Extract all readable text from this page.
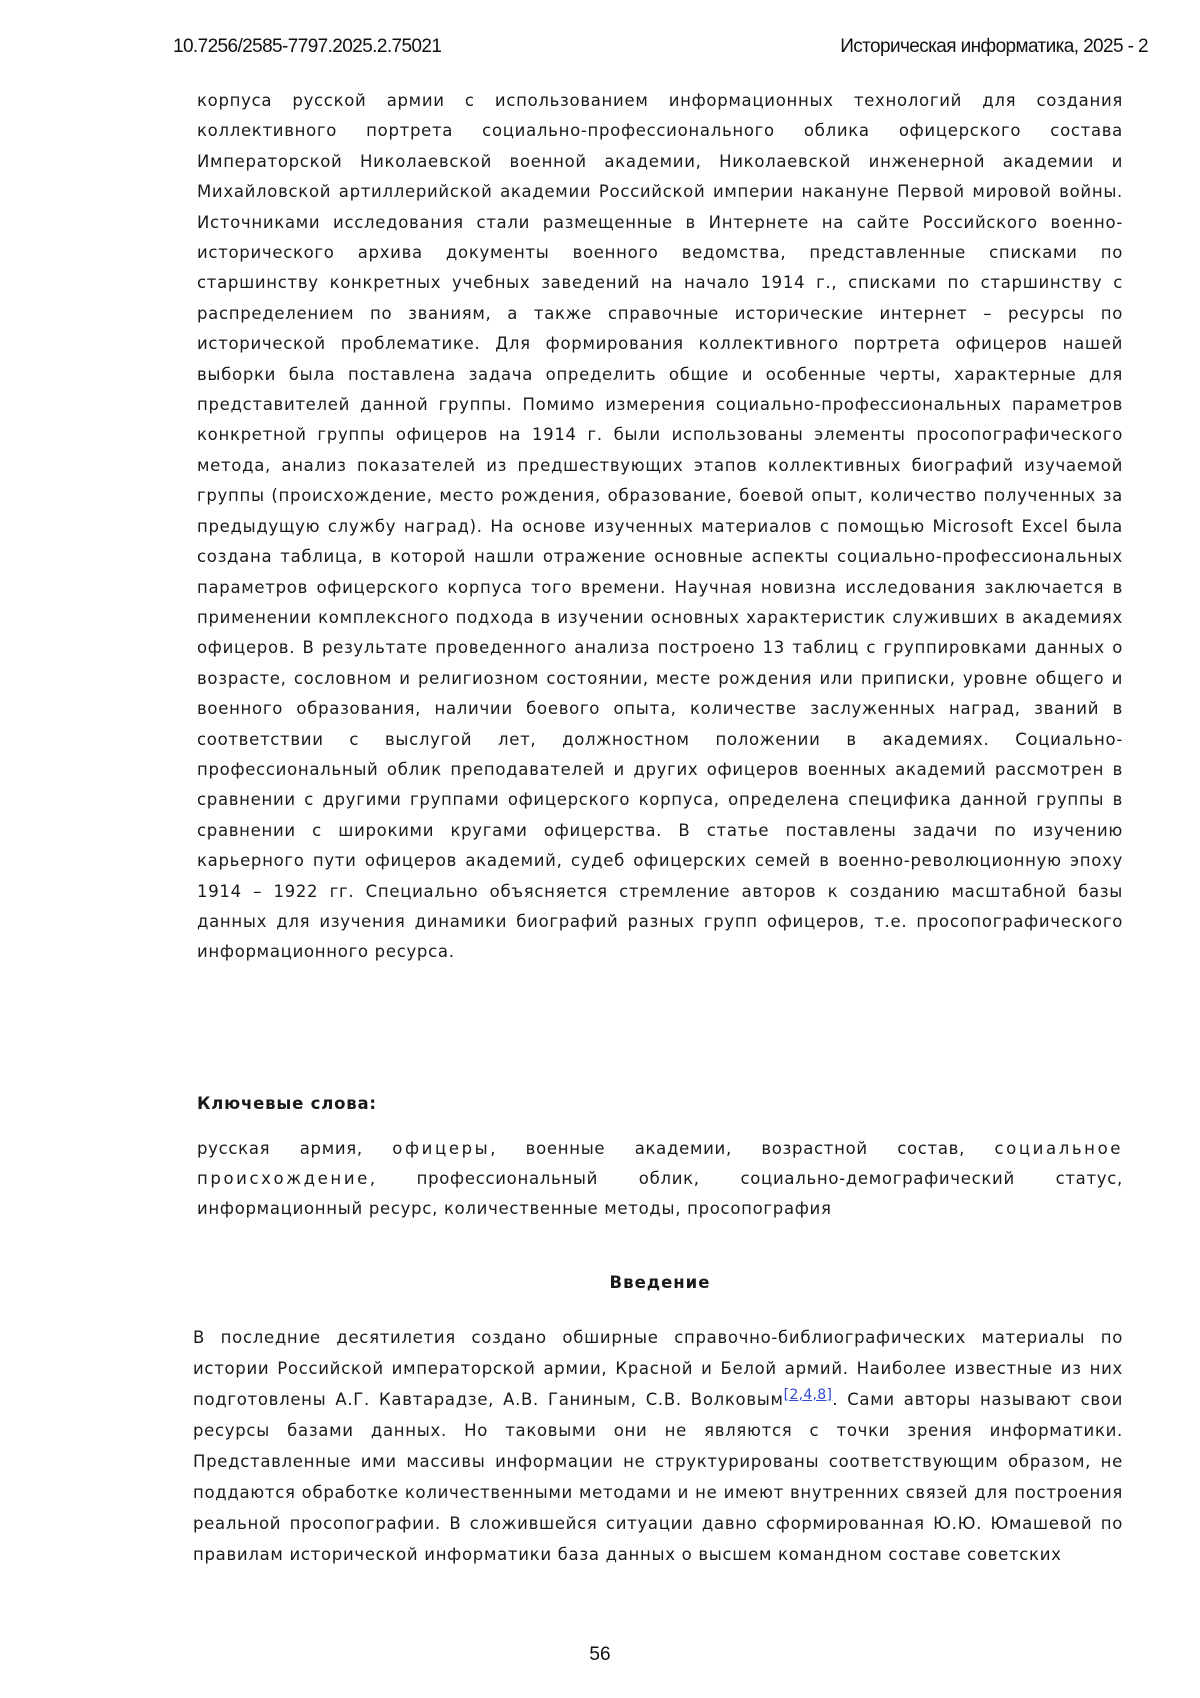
10.7256/2585-7797.2025.2.75021	Историческая информатика, 2025 - 2
корпуса русской армии с использованием информационных технологий для создания коллективного портрета социально-профессионального облика офицерского состава Императорской Николаевской военной академии, Николаевской инженерной академии и Михайловской артиллерийской академии Российской империи накануне Первой мировой войны. Источниками исследования стали размещенные в Интернете на сайте Российского военно-исторического архива документы военного ведомства, представленные списками по старшинству конкретных учебных заведений на начало 1914 г., списками по старшинству с распределением по званиям, а также справочные исторические интернет – ресурсы по исторической проблематике. Для формирования коллективного портрета офицеров нашей выборки была поставлена задача определить общие и особенные черты, характерные для представителей данной группы. Помимо измерения социально-профессиональных параметров конкретной группы офицеров на 1914 г. были использованы элементы просопографического метода, анализ показателей из предшествующих этапов коллективных биографий изучаемой группы (происхождение, место рождения, образование, боевой опыт, количество полученных за предыдущую службу наград). На основе изученных материалов с помощью Microsoft Excel была создана таблица, в которой нашли отражение основные аспекты социально-профессиональных параметров офицерского корпуса того времени. Научная новизна исследования заключается в применении комплексного подхода в изучении основных характеристик служивших в академиях офицеров. В результате проведенного анализа построено 13 таблиц с группировками данных о возрасте, сословном и религиозном состоянии, месте рождения или приписки, уровне общего и военного образования, наличии боевого опыта, количестве заслуженных наград, званий в соответствии с выслугой лет, должностном положении в академиях. Социально-профессиональный облик преподавателей и других офицеров военных академий рассмотрен в сравнении с другими группами офицерского корпуса, определена специфика данной группы в сравнении с широкими кругами офицерства. В статье поставлены задачи по изучению карьерного пути офицеров академий, судеб офицерских семей в военно-революционную эпоху 1914 – 1922 гг. Специально объясняется стремление авторов к созданию масштабной базы данных для изучения динамики биографий разных групп офицеров, т.е. просопографического информационного ресурса.
Ключевые слова:
русская армия, офицеры, военные академии, возрастной состав, социальное происхождение, профессиональный облик, социально-демографический статус, информационный ресурс, количественные методы, просопография
Введение
В последние десятилетия создано обширные справочно-библиографических материалы по истории Российской императорской армии, Красной и Белой армий. Наиболее известные из них подготовлены А.Г. Кавтарадзе, А.В. Ганиным, С.В. Волковым[2,4,8]. Сами авторы называют свои ресурсы базами данных. Но таковыми они не являются с точки зрения информатики. Представленные ими массивы информации не структурированы соответствующим образом, не поддаются обработке количественными методами и не имеют внутренних связей для построения реальной просопографии. В сложившейся ситуации давно сформированная Ю.Ю. Юмашевой по правилам исторической информатики база данных о высшем командном составе советских
56
